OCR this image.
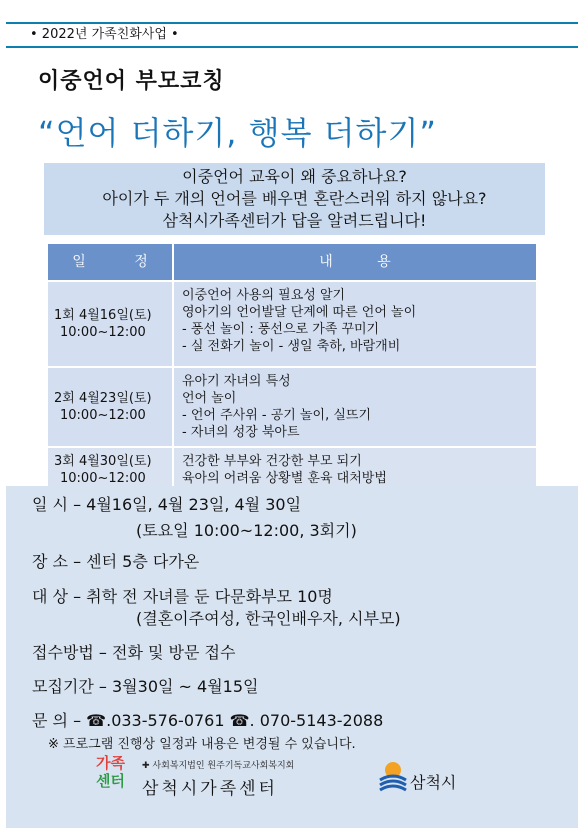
• 2022년 가족친화사업 •
이중언어 부모코칭
“언어 더하기, 행복 더하기”
이중언어 교육이 왜 중요하나요?
아이가 두 개의 언어를 배우면 혼란스러워 하지 않나요?
삼척시가족센터가 답을 알려드립니다!
일 정	내 용
1회 4월16일(토)
10:00~12:00
이중언어 사용의 필요성 알기
영아기의 언어발달 단계에 따른 언어 놀이
- 풍선 놀이 : 풍선으로 가족 꾸미기
- 실 전화기 놀이 - 생일 축하, 바람개비
2회 4월23일(토)
10:00~12:00
유아기 자녀의 특성
언어 놀이
- 언어 주사위 - 공기 놀이, 실뜨기
- 자녀의 성장 북아트
3회 4월30일(토)
10:00~12:00
건강한 부부와 건강한 부모 되기
육아의 어려움 상황별 훈육 대처방법
일 시 – 4월16일, 4월 23일, 4월 30일
(토요일 10:00~12:00, 3회기)
장 소 – 센터 5층 다가온
대 상 – 취학 전 자녀를 둔 다문화부모 10명
(결혼이주여성, 한국인배우자, 시부모)
접수방법 – 전화 및 방문 접수
모집기간 – 3월30일 ~ 4월15일
문 의 – ☎.033-576-0761 ☎. 070-5143-2088
※ 프로그램 진행상 일정과 내용은 변경될 수 있습니다.
가족
센터
✚ 사회복지법인 원주기독교사회복지회
삼척시가족센터	삼척시
